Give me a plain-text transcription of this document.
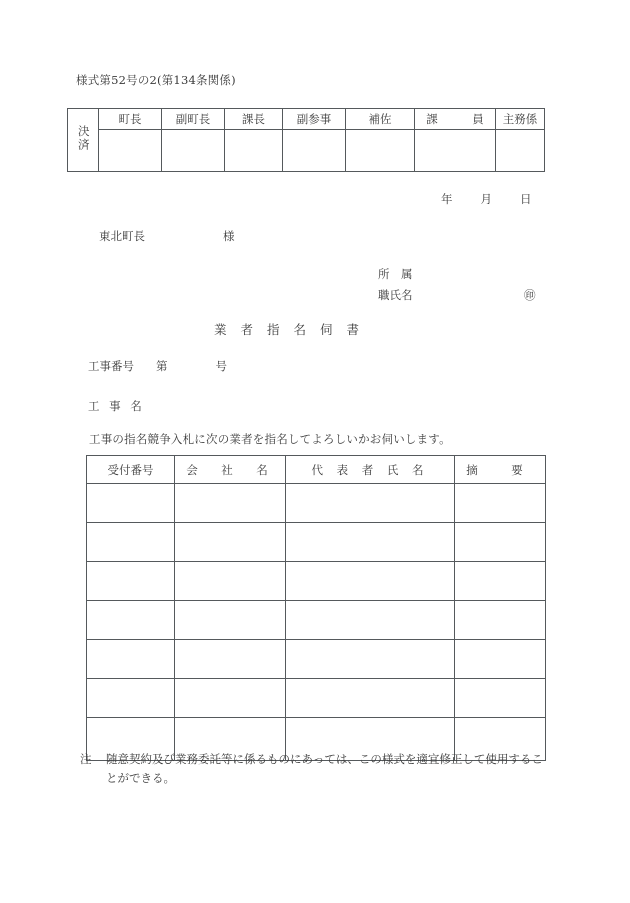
様式第52号の2(第134条関係)
決済	町長	副町長	課長	副参事	補佐	課　　　員	主務係

年 月 日
東北町長	様
所　属
職氏名	㊞
業者指名伺書
工事番号 第	号
工 事 名
工事の指名競争入札に次の業者を指名してよろしいかお伺いします。
受付番号	会　社　名	代 表 者 氏 名	摘　要

注 随意契約及び業務委託等に係るものにあっては、この様式を適宜修正して使用するこ
とができる。
